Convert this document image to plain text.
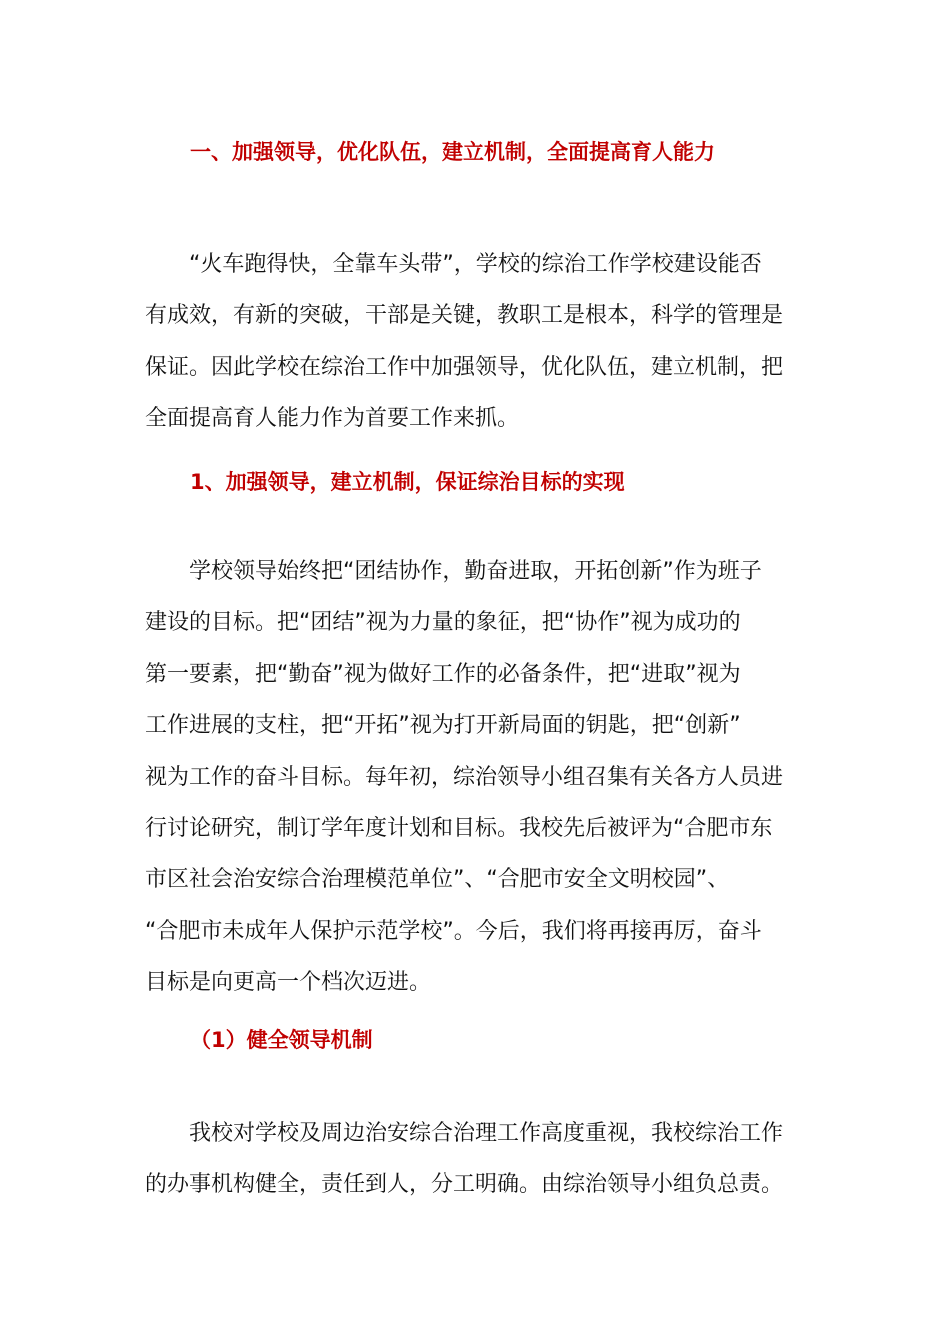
一、加强领导，优化队伍，建立机制，全面提高育人能力
“火车跑得快，全靠车头带”，学校的综治工作学校建设能否
有成效，有新的突破，干部是关键，教职工是根本，科学的管理是
保证。因此学校在综治工作中加强领导，优化队伍，建立机制，把
全面提高育人能力作为首要工作来抓。
1、加强领导，建立机制，保证综治目标的实现
学校领导始终把“团结协作，勤奋进取，开拓创新”作为班子
建设的目标。把“团结”视为力量的象征，把“协作”视为成功的
第一要素，把“勤奋”视为做好工作的必备条件，把“进取”视为
工作进展的支柱，把“开拓”视为打开新局面的钥匙，把“创新”
视为工作的奋斗目标。每年初，综治领导小组召集有关各方人员进
行讨论研究，制订学年度计划和目标。我校先后被评为“合肥市东
市区社会治安综合治理模范单位”、“合肥市安全文明校园”、
“合肥市未成年人保护示范学校”。今后，我们将再接再厉，奋斗
目标是向更高一个档次迈进。
（1）健全领导机制
我校对学校及周边治安综合治理工作高度重视，我校综治工作
的办事机构健全，责任到人，分工明确。由综治领导小组负总责。
